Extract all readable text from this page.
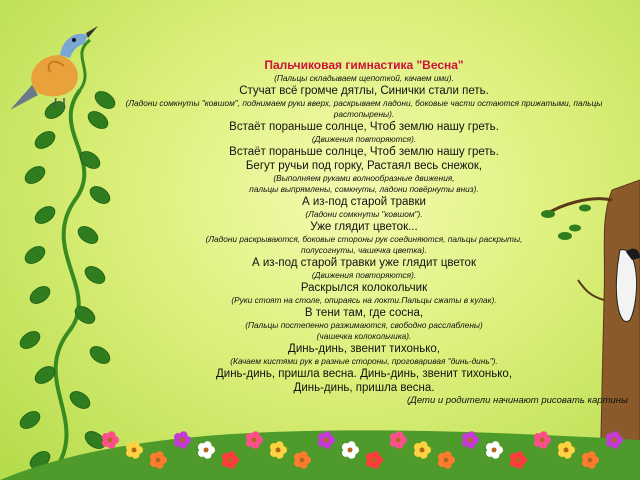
Пальчиковая гимнастика "Весна"
(Пальцы складываем щепоткой, качаем ими).
Стучат всё громче дятлы, Синички стали петь.
(Ладони сомкнуты "ковшом", поднимаем руки вверх, раскрываем ладони, боковые части остаются прижатыми, пальцы растопырены).
Встаёт пораньше солнце, Чтоб землю нашу греть.
(Движения повторяются).
Встаёт пораньше солнце, Чтоб землю нашу греть.
Бегут ручьи под горку, Растаял весь снежок,
(Выполняем руками волнообразные движения,
пальцы выпрямлены, сомкнуты, ладони повёрнуты вниз).
А из-под старой травки
(Ладони сомкнуты "ковшом").
Уже глядит цветок...
(Ладони раскрываются, боковые стороны рук соединяются, пальцы раскрыты,
полусогнуты, чашечка цветка).
А из-под старой травки уже глядит цветок
(Движения повторяются).
Раскрылся колокольчик
(Руки стоят на столе, опираясь на локти.Пальцы сжаты в кулак).
В тени там, где сосна,
(Пальцы постепенно разжимаются, свободно расслаблены)
(чашечка колокольчика).
Динь-динь, звенит тихонько,
(Качаем кистями рук в разные стороны, проговаривая "динь-динь").
Динь-динь, пришла весна. Динь-динь, звенит тихонько,
Динь-динь, пришла весна.
(Дети и родители начинают рисовать картины
